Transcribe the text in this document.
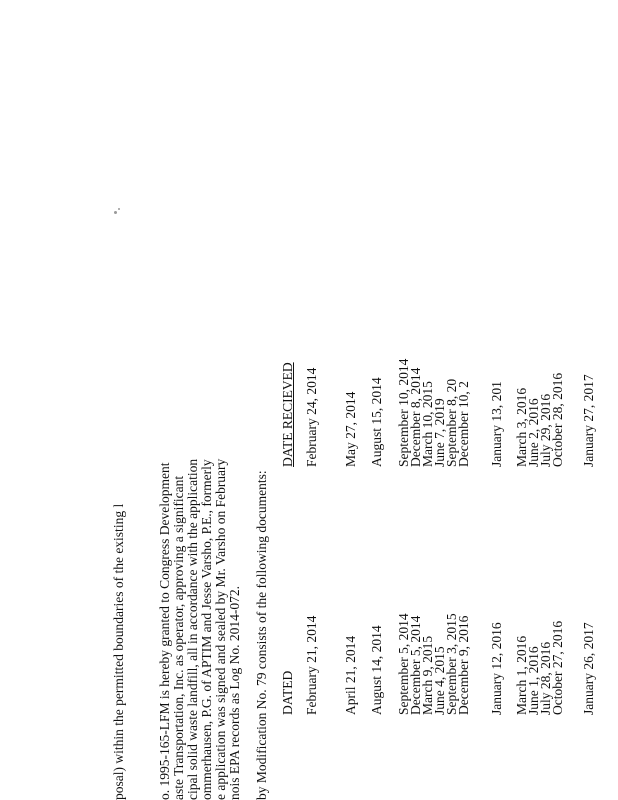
posal) within the permitted boundaries of the existing l o. 1995-165-LFM is hereby granted to Congress Development aste Transportation, Inc. as operator, approving a significant cipal solid waste landfill, all in accordance with the application ommerhausen, P.G. of APTIM and Jesse Varsho, P.E., formerly e application was signed and sealed by Mr. Varsho on February nois EPA records as Log No. 2014-072. by Modification No. 79 consists of the following documents: DATED
DATE RECIEVED
February 21, 2014
February 24, 2014
April 21, 2014
May 27, 2014
August 14, 2014
August 15, 2014
September 5, 2014
December 5, 2014
March 9, 2015
June 4, 2015
September 3, 2015
December 9, 2016
September 10, 2014
December 8, 2014
March 10, 2015
June 7, 2019
September 8, 20
December 10, 2
January 12, 2016
January 13, 201
March 1, 2016
June 1, 2016
July 28, 2016
October 27, 2016
March 3, 2016
June 2, 2016
July 29, 2016
October 28, 2016
January 26, 2017
January 27, 2017
